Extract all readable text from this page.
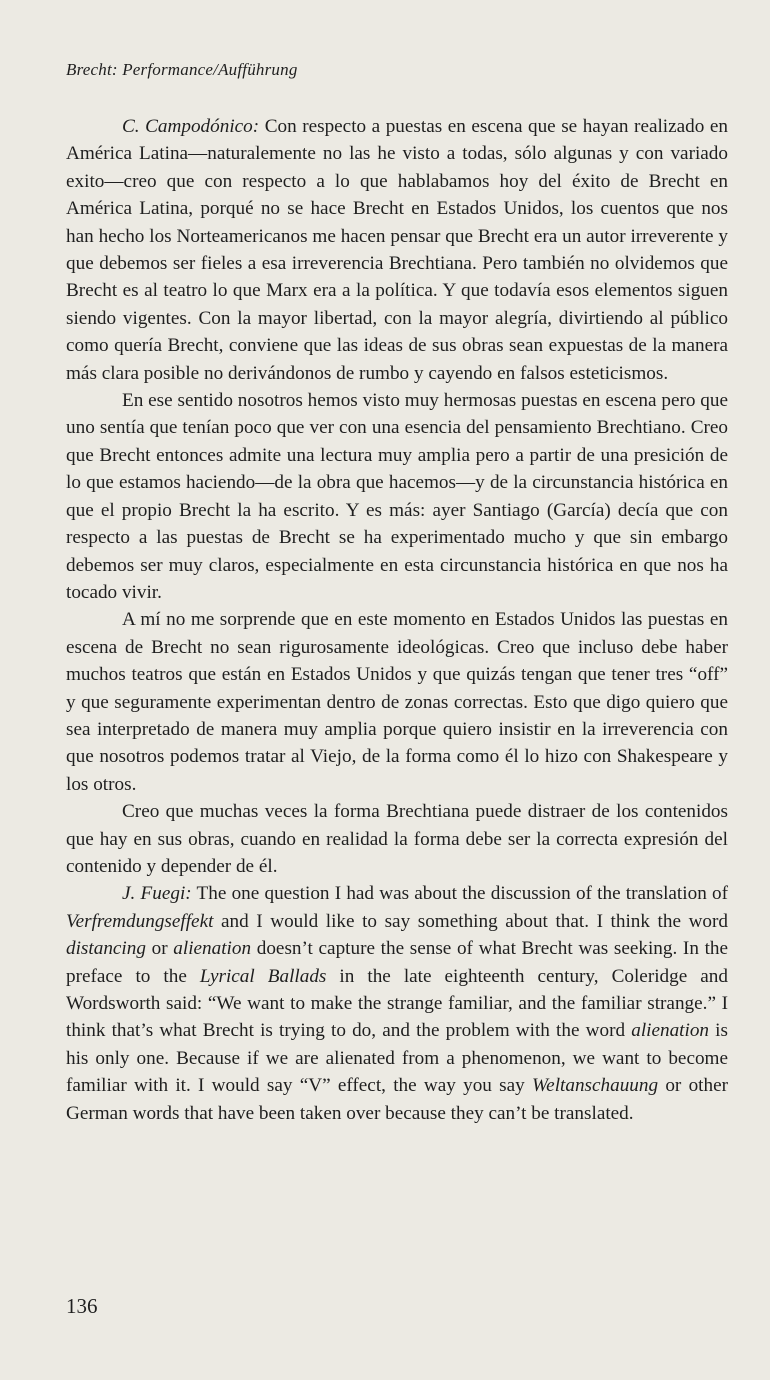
Brecht: Performance/Aufführung

C. Campodónico: Con respecto a puestas en escena que se hayan realizado en América Latina—naturalemente no las he visto a todas, sólo algunas y con variado exito—creo que con respecto a lo que hablabamos hoy del éxito de Brecht en América Latina, porqué no se hace Brecht en Estados Unidos, los cuentos que nos han hecho los Norteamericanos me hacen pensar que Brecht era un autor irreverente y que debemos ser fieles a esa irreverencia Brechtiana. Pero también no olvidemos que Brecht es al teatro lo que Marx era a la política. Y que todavía esos elementos siguen siendo vigentes. Con la mayor libertad, con la mayor alegría, divirtiendo al público como quería Brecht, conviene que las ideas de sus obras sean expuestas de la manera más clara posible no derivándonos de rumbo y cayendo en falsos esteticismos.

En ese sentido nosotros hemos visto muy hermosas puestas en escena pero que uno sentía que tenían poco que ver con una esencia del pensamiento Brechtiano. Creo que Brecht entonces admite una lectura muy amplia pero a partir de una presición de lo que estamos haciendo—de la obra que hacemos—y de la circunstancia histórica en que el propio Brecht la ha escrito. Y es más: ayer Santiago (García) decía que con respecto a las puestas de Brecht se ha experimentado mucho y que sin embargo debemos ser muy claros, especialmente en esta circunstancia histórica en que nos ha tocado vivir.

A mí no me sorprende que en este momento en Estados Unidos las puestas en escena de Brecht no sean rigurosamente ideológicas. Creo que incluso debe haber muchos teatros que están en Estados Unidos y que quizás tengan que tener tres “off” y que seguramente experimentan dentro de zonas correctas. Esto que digo quiero que sea interpretado de manera muy amplia porque quiero insistir en la irreverencia con que nosotros podemos tratar al Viejo, de la forma como él lo hizo con Shakespeare y los otros.

Creo que muchas veces la forma Brechtiana puede distraer de los contenidos que hay en sus obras, cuando en realidad la forma debe ser la correcta expresión del contenido y depender de él.

J. Fuegi: The one question I had was about the discussion of the translation of Verfremdungseffekt and I would like to say something about that. I think the word distancing or alienation doesn’t capture the sense of what Brecht was seeking. In the preface to the Lyrical Ballads in the late eighteenth century, Coleridge and Wordsworth said: “We want to make the strange familiar, and the familiar strange.” I think that’s what Brecht is trying to do, and the problem with the word alienation is his only one. Because if we are alienated from a phenomenon, we want to become familiar with it. I would say “V” effect, the way you say Weltanschauung or other German words that have been taken over because they can’t be translated.

136
